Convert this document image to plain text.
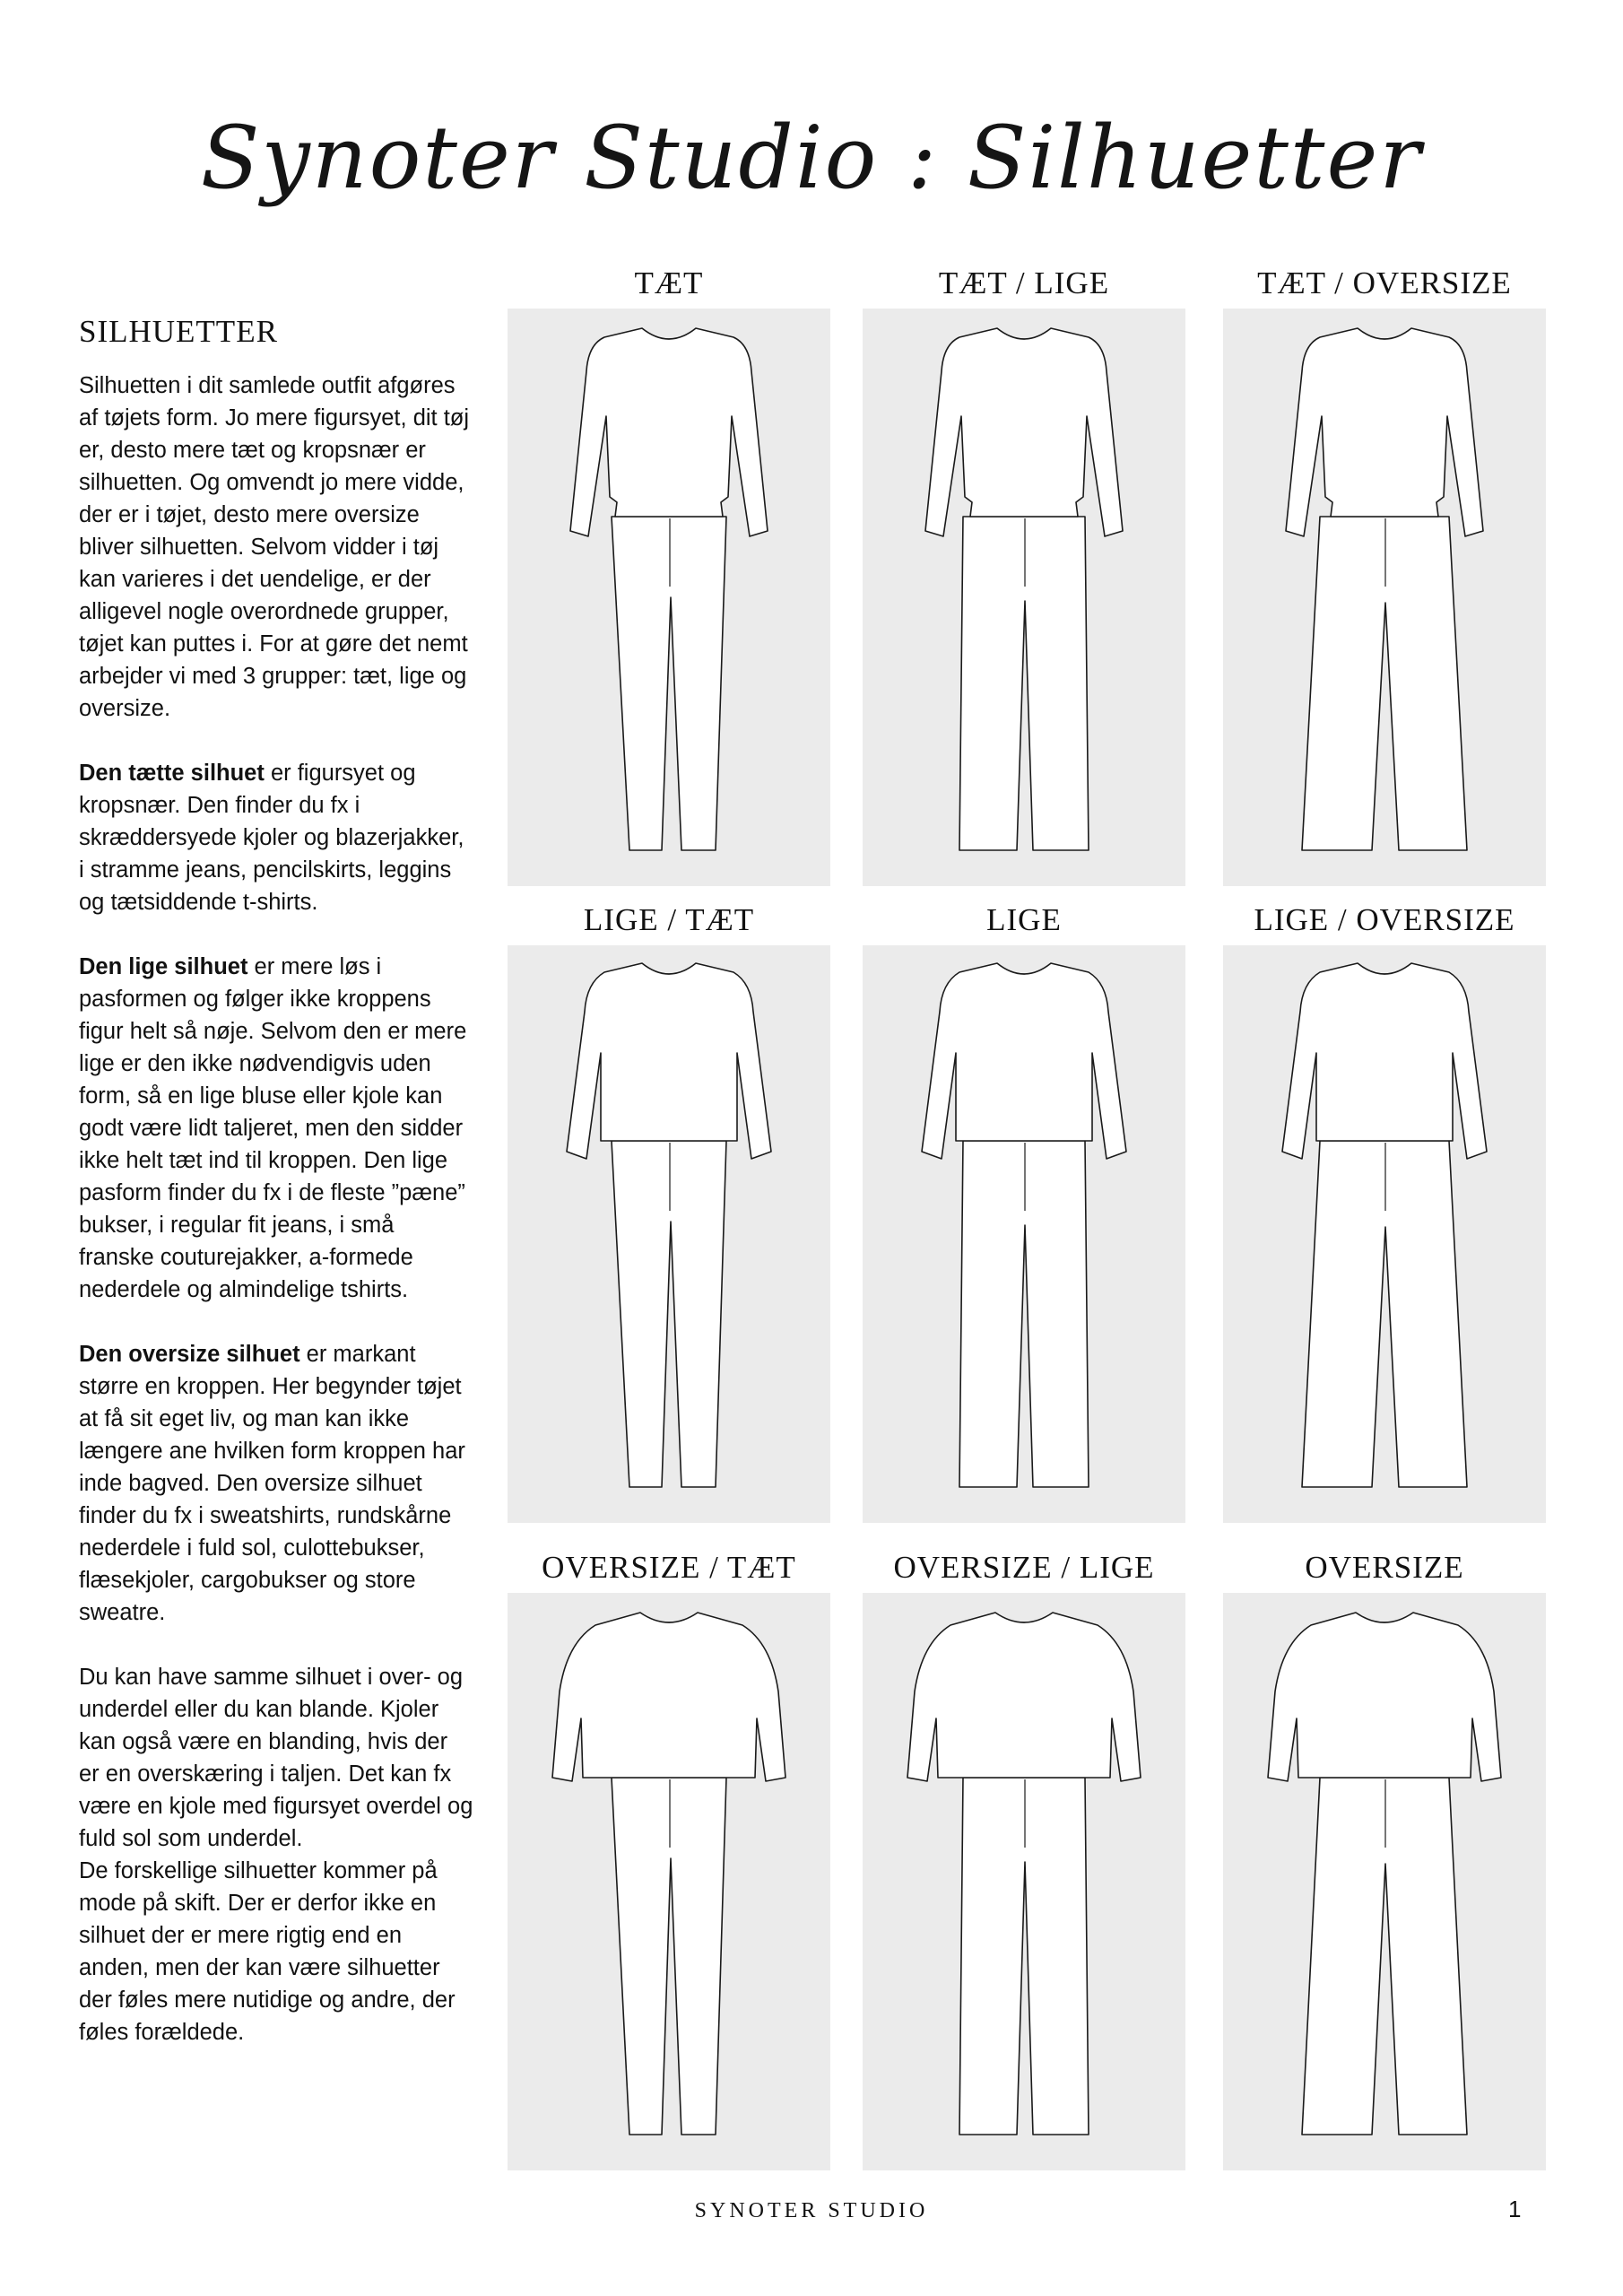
Synoter Studio : Silhuetter
SILHUETTER

Silhuetten i dit samlede outfit afgøres af tøjets form. Jo mere figursyet, dit tøj er, desto mere tæt og kropsnær er silhuetten. Og omvendt jo mere vidde, der er i tøjet, desto mere oversize bliver silhuetten. Selvom vidder i tøj kan varieres i det uendelige, er der alligevel nogle overordnede grupper, tøjet kan puttes i. For at gøre det nemt arbejder vi med 3 grupper: tæt, lige og oversize.

Den tætte silhuet er figursyet og kropsnær. Den finder du fx i skræddersyede kjoler og blazerjakker, i stramme jeans, pencilskirts, leggins og tætsiddende t-shirts.

Den lige silhuet er mere løs i pasformen og følger ikke kroppens figur helt så nøje. Selvom den er mere lige er den ikke nødvendigvis uden form, så en lige bluse eller kjole kan godt være lidt taljeret, men den sidder ikke helt tæt ind til kroppen. Den lige pasform finder du fx i de fleste ”pæne” bukser, i regular fit jeans, i små franske couturejakker, a-formede nederdele og almindelige tshirts.

Den oversize silhuet er markant større en kroppen. Her begynder tøjet at få sit eget liv, og man kan ikke længere ane hvilken form kroppen har inde bagved. Den oversize silhuet finder du fx i sweatshirts, rundskårne nederdele i fuld sol, culottebukser, flæsekjoler, cargobukser og store sweatre.

Du kan have samme silhuet i over- og underdel eller du kan blande. Kjoler kan også være en blanding, hvis der er en overskæring i taljen. Det kan fx være en kjole med figursyet overdel og fuld sol som underdel.

De forskellige silhuetter kommer på mode på skift. Der er derfor ikke en silhuet der er mere rigtig end en anden, men der kan være silhuetter der føles mere nutidige og andre, der føles forældede.

TÆT	TÆT / LIGE	TÆT / OVERSIZE
LIGE / TÆT	LIGE	LIGE / OVERSIZE
OVERSIZE / TÆT	OVERSIZE / LIGE	OVERSIZE
SYNOTER STUDIO	1
